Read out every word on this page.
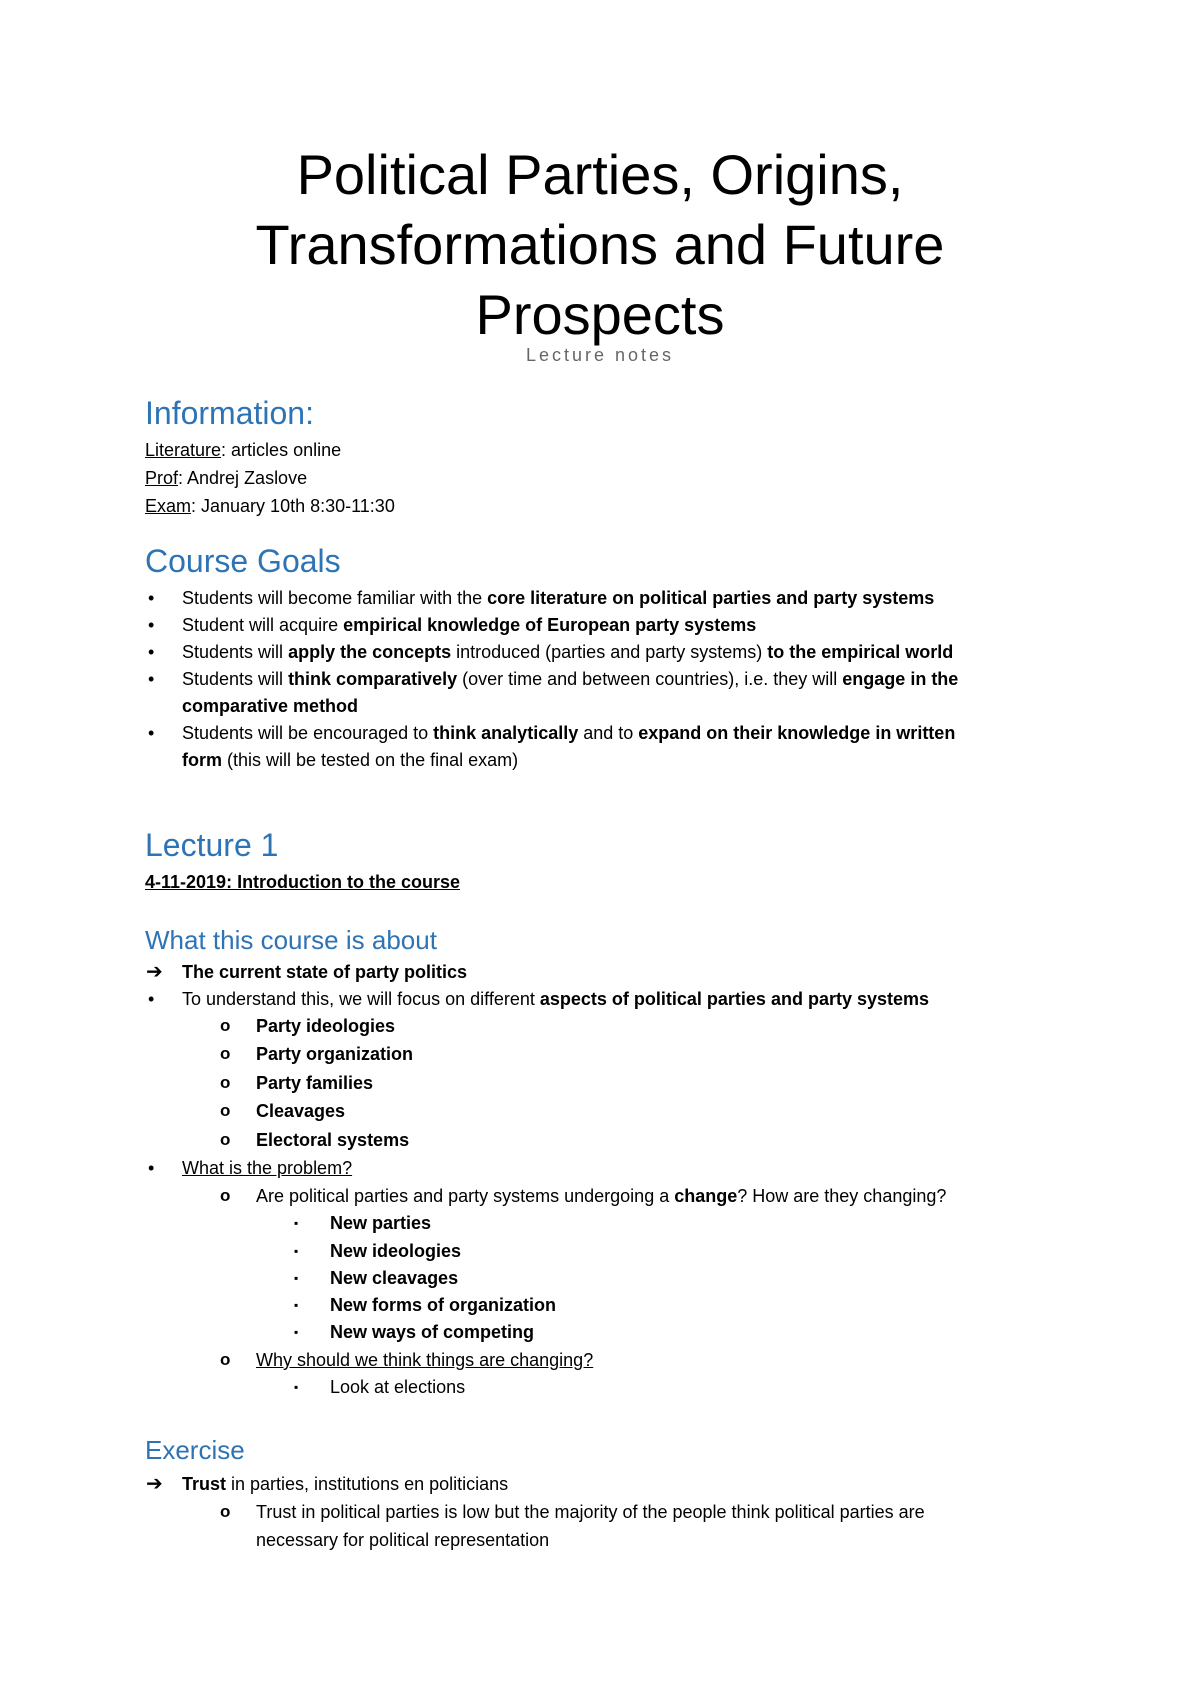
Political Parties, Origins,
Transformations and Future
Prospects
Lecture notes
Information:
Literature: articles online
Prof: Andrej Zaslove
Exam: January 10th 8:30-11:30
Course Goals
• Students will become familiar with the core literature on political parties and party systems
• Student will acquire empirical knowledge of European party systems
• Students will apply the concepts introduced (parties and party systems) to the empirical world
• Students will think comparatively (over time and between countries), i.e. they will engage in the
comparative method
• Students will be encouraged to think analytically and to expand on their knowledge in written
form (this will be tested on the final exam)
Lecture 1
4-11-2019: Introduction to the course
What this course is about
➔ The current state of party politics
• To understand this, we will focus on different aspects of political parties and party systems
o Party ideologies
o Party organization
o Party families
o Cleavages
o Electoral systems
• What is the problem?
o Are political parties and party systems undergoing a change? How are they changing?
▪ New parties
▪ New ideologies
▪ New cleavages
▪ New forms of organization
▪ New ways of competing
o Why should we think things are changing?
▪ Look at elections
Exercise
➔ Trust in parties, institutions en politicians
o Trust in political parties is low but the majority of the people think political parties are
necessary for political representation
